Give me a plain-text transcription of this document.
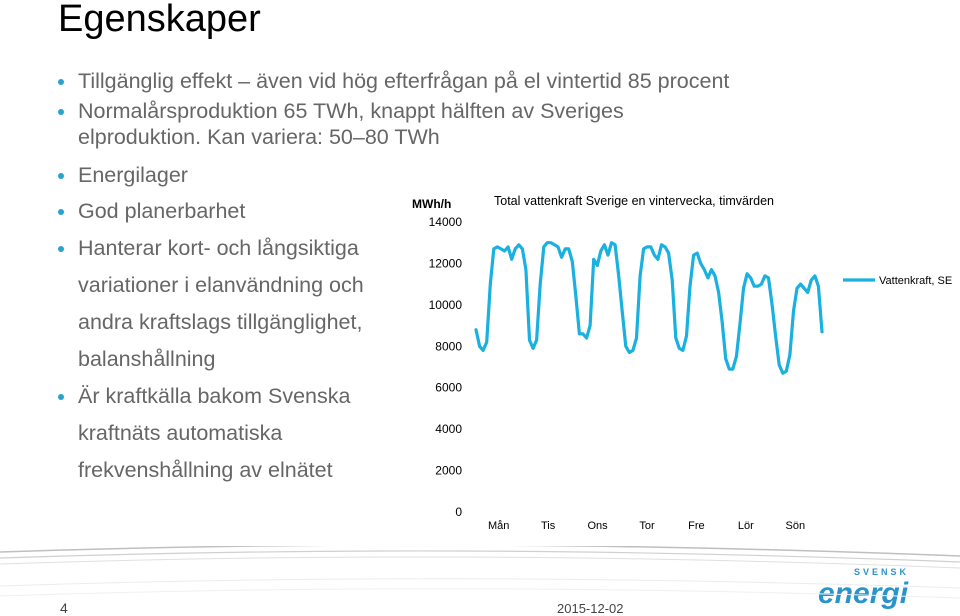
Egenskaper
Tillgänglig effekt – även vid hög efterfrågan på el vintertid 85 procent
Normalårsproduktion 65 TWh, knappt hälften av Sveriges
elproduktion. Kan variera: 50–80 TWh
Energilager
God planerbarhet
Hanterar kort- och långsiktiga
variationer i elanvändning och
andra kraftslags tillgänglighet,
balanshållning
Är kraftkälla bakom Svenska
kraftnäts automatiska
frekvenshållning av elnätet
MWh/h	Total vattenkraft Sverige en vintervecka, timvärden
14000
12000
10000
8000
6000
4000
2000
0
Mån	Tis	Ons	Tor	Fre	Lör	Sön
Vattenkraft, SE
4	2015-12-02
SVENSK
energi
